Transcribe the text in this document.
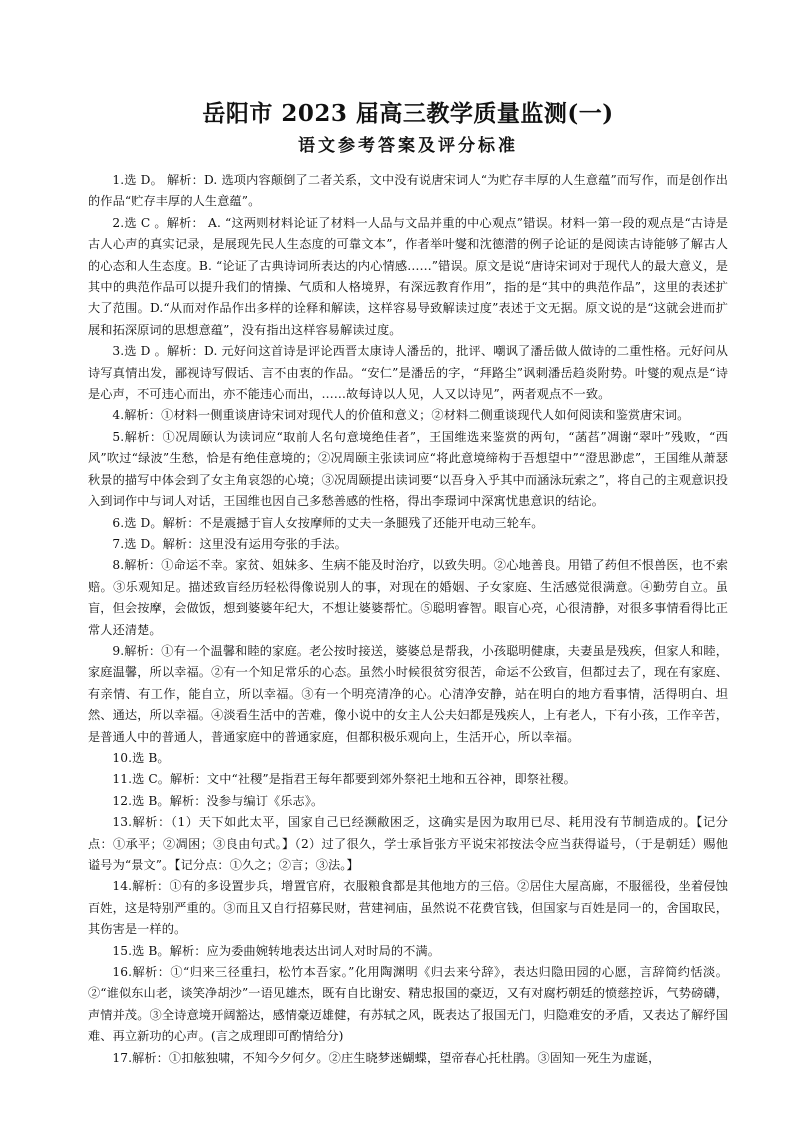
岳阳市 2023 届高三教学质量监测(一)
语文参考答案及评分标准

1.选 D。 解析：D. 选项内容颠倒了二者关系，文中没有说唐宋词人“为贮存丰厚的人生意蕴”而写作，而是创作出的作品“贮存丰厚的人生意蕴”。

2.选 C 。解析： A. “这两则材料论证了材料一人品与文品并重的中心观点”错误。材料一第一段的观点是“古诗是古人心声的真实记录，是展现先民人生态度的可靠文本”，作者举叶燮和沈德潜的例子论证的是阅读古诗能够了解古人的心态和人生态度。B. “论证了古典诗词所表达的内心情感……”错误。原文是说“唐诗宋词对于现代人的最大意义，是其中的典范作品可以提升我们的情操、气质和人格境界，有深远教育作用”，指的是“其中的典范作品”，这里的表述扩大了范围。D.“从而对作品作出多样的诠释和解读，这样容易导致解读过度”表述于文无据。原文说的是“这就会进而扩展和拓深原词的思想意蕴”，没有指出这样容易解读过度。

3.选 D 。解析：D. 元好问这首诗是评论西晋太康诗人潘岳的，批评、嘲讽了潘岳做人做诗的二重性格。元好问从诗写真情出发，鄙视诗写假话、言不由衷的作品。“安仁”是潘岳的字，“拜路尘”讽刺潘岳趋炎附势。叶燮的观点是“诗是心声，不可违心而出，亦不能违心而出，……故每诗以人见，人又以诗见”，两者观点不一致。

4.解析：①材料一侧重谈唐诗宋词对现代人的价值和意义；②材料二侧重谈现代人如何阅读和鉴赏唐宋词。

5.解析：①况周颐认为读词应“取前人名句意境绝佳者”，王国维选来鉴赏的两句，“菡萏”凋谢“翠叶”残败，“西风”吹过“绿波”生愁，恰是有绝佳意境的；②况周颐主张读词应“将此意境缔构于吾想望中”“澄思渺虑”，王国维从萧瑟秋景的描写中体会到了女主角哀怨的心境；③况周颐提出读词要“以吾身入乎其中而涵泳玩索之”，将自己的主观意识投入到词作中与词人对话，王国维也因自己多愁善感的性格，得出李璟词中深寓忧患意识的结论。

6.选 D。解析：不是震撼于盲人女按摩师的丈夫一条腿残了还能开电动三轮车。

7.选 D。解析：这里没有运用夸张的手法。

8.解析：①命运不幸。家贫、姐妹多、生病不能及时治疗，以致失明。②心地善良。用错了药但不恨兽医，也不索赔。③乐观知足。描述致盲经历轻松得像说别人的事，对现在的婚姻、子女家庭、生活感觉很满意。④勤劳自立。虽盲，但会按摩，会做饭，想到婆婆年纪大，不想让婆婆帮忙。⑤聪明睿智。眼盲心亮，心很清静，对很多事情看得比正常人还清楚。

9.解析：①有一个温馨和睦的家庭。老公按时接送，婆婆总是帮我，小孩聪明健康，夫妻虽是残疾，但家人和睦，家庭温馨，所以幸福。②有一个知足常乐的心态。虽然小时候很贫穷很苦，命运不公致盲，但都过去了，现在有家庭、有亲情、有工作，能自立，所以幸福。③有一个明亮清净的心。心清净安静，站在明白的地方看事情，活得明白、坦然、通达，所以幸福。④淡看生活中的苦难，像小说中的女主人公夫妇都是残疾人，上有老人，下有小孩，工作辛苦，是普通人中的普通人，普通家庭中的普通家庭，但都积极乐观向上，生活开心，所以幸福。

10.选 B。

11.选 C。解析：文中“社稷”是指君王每年都要到郊外祭祀土地和五谷神，即祭社稷。

12.选 B。解析：没参与编订《乐志》。

13.解析：（1）天下如此太平，国家自己已经濒敝困乏，这确实是因为取用已尽、耗用没有节制造成的。【记分点：①承平；②凋困；③良由句式。】（2）过了很久，学士承旨张方平说宋祁按法令应当获得谥号，（于是朝廷）赐他谥号为“景文”。【记分点：①久之；②言；③法。】

14.解析：①有的多设置步兵，增置官府，衣服粮食都是其他地方的三倍。②居住大屋高廊，不服徭役，坐着侵蚀百姓，这是特别严重的。③而且又自行招募民财，营建祠庙，虽然说不花费官钱，但国家与百姓是同一的，舍国取民，其伤害是一样的。

15.选 B。解析：应为委曲婉转地表达出词人对时局的不满。

16.解析：①“归来三径重扫，松竹本吾家。”化用陶渊明《归去来兮辞》，表达归隐田园的心愿，言辞简约恬淡。②“谁似东山老，谈笑净胡沙”一语见雄杰，既有自比谢安、精忠报国的豪迈，又有对腐朽朝廷的愤慈控诉，气势磅礴，声情并茂。③全诗意境开阔豁达，感情豪迈雄健，有苏轼之风，既表达了报国无门，归隐难安的矛盾，又表达了解纾国难、再立新功的心声。(言之成理即可酌情给分)

17.解析：①扣舷独啸，不知今夕何夕。②庄生晓梦迷蝴蝶，望帝春心托杜鹃。③固知一死生为虚诞，
